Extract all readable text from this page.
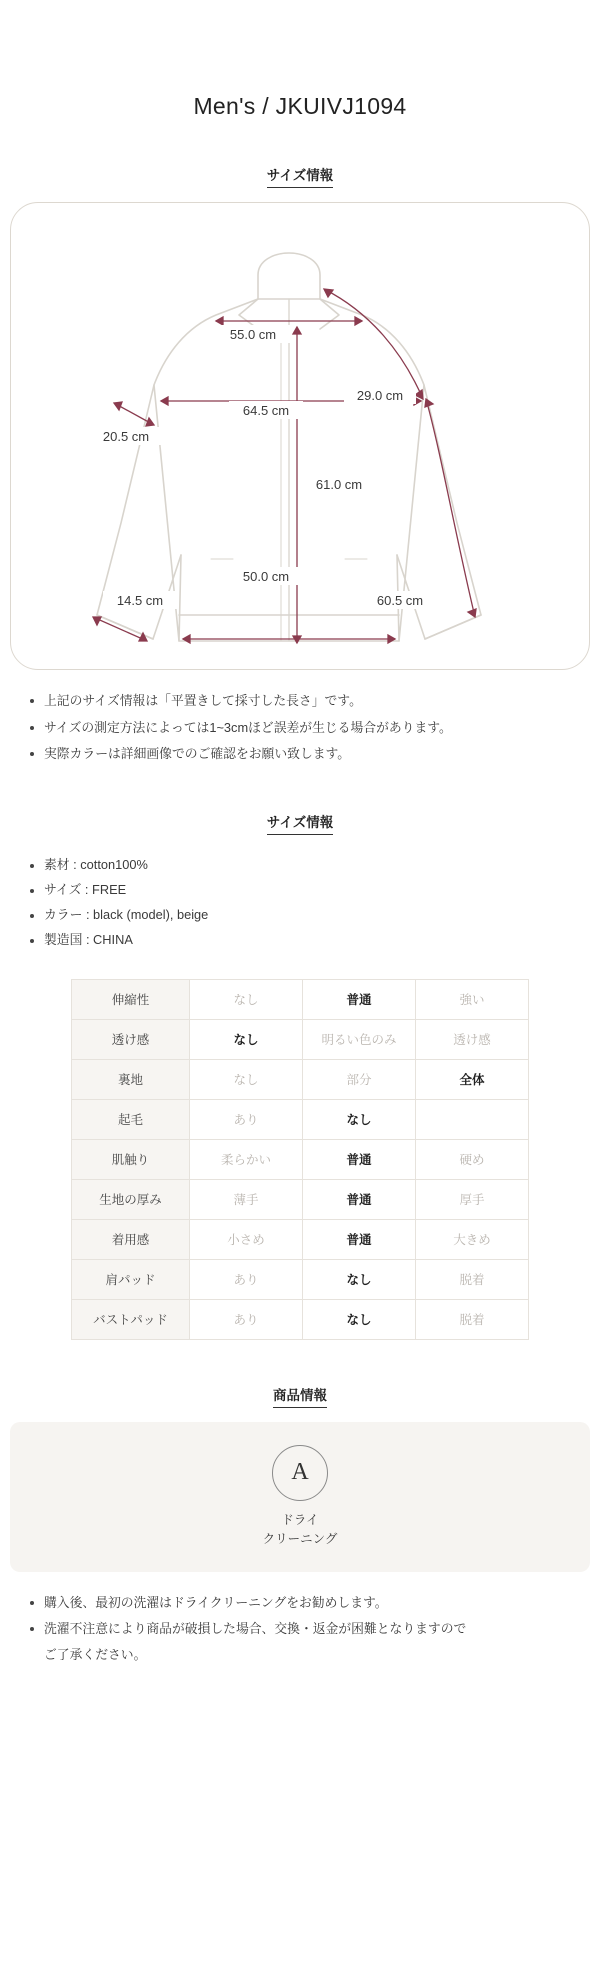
Men's / JKUIVJ1094
サイズ情報
55.0 cm
29.0 cm
64.5 cm
20.5 cm
61.0 cm
50.0 cm
14.5 cm	60.5 cm
上記のサイズ情報は「平置きして採寸した長さ」です。
サイズの測定方法によっては1~3cmほど誤差が生じる場合があります。
実際カラーは詳細画像でのご確認をお願い致します。
サイズ情報
素材 : cotton100%
サイズ : FREE
カラー : black (model), beige
製造国 : CHINA
伸縮性	なし	普通	強い
透け感	なし	明るい色のみ	透け感
裏地	なし	部分	全体
起毛	あり	なし	
肌触り	柔らかい	普通	硬め
生地の厚み	薄手	普通	厚手
着用感	小さめ	普通	大きめ
肩パッド	あり	なし	脱着
バストパッド	あり	なし	脱着
商品情報
A
ドライ
クリーニング
購入後、最初の洗濯はドライクリーニングをお勧めします。
洗濯不注意により商品が破損した場合、交換・返金が困難となりますので
ご了承ください。
